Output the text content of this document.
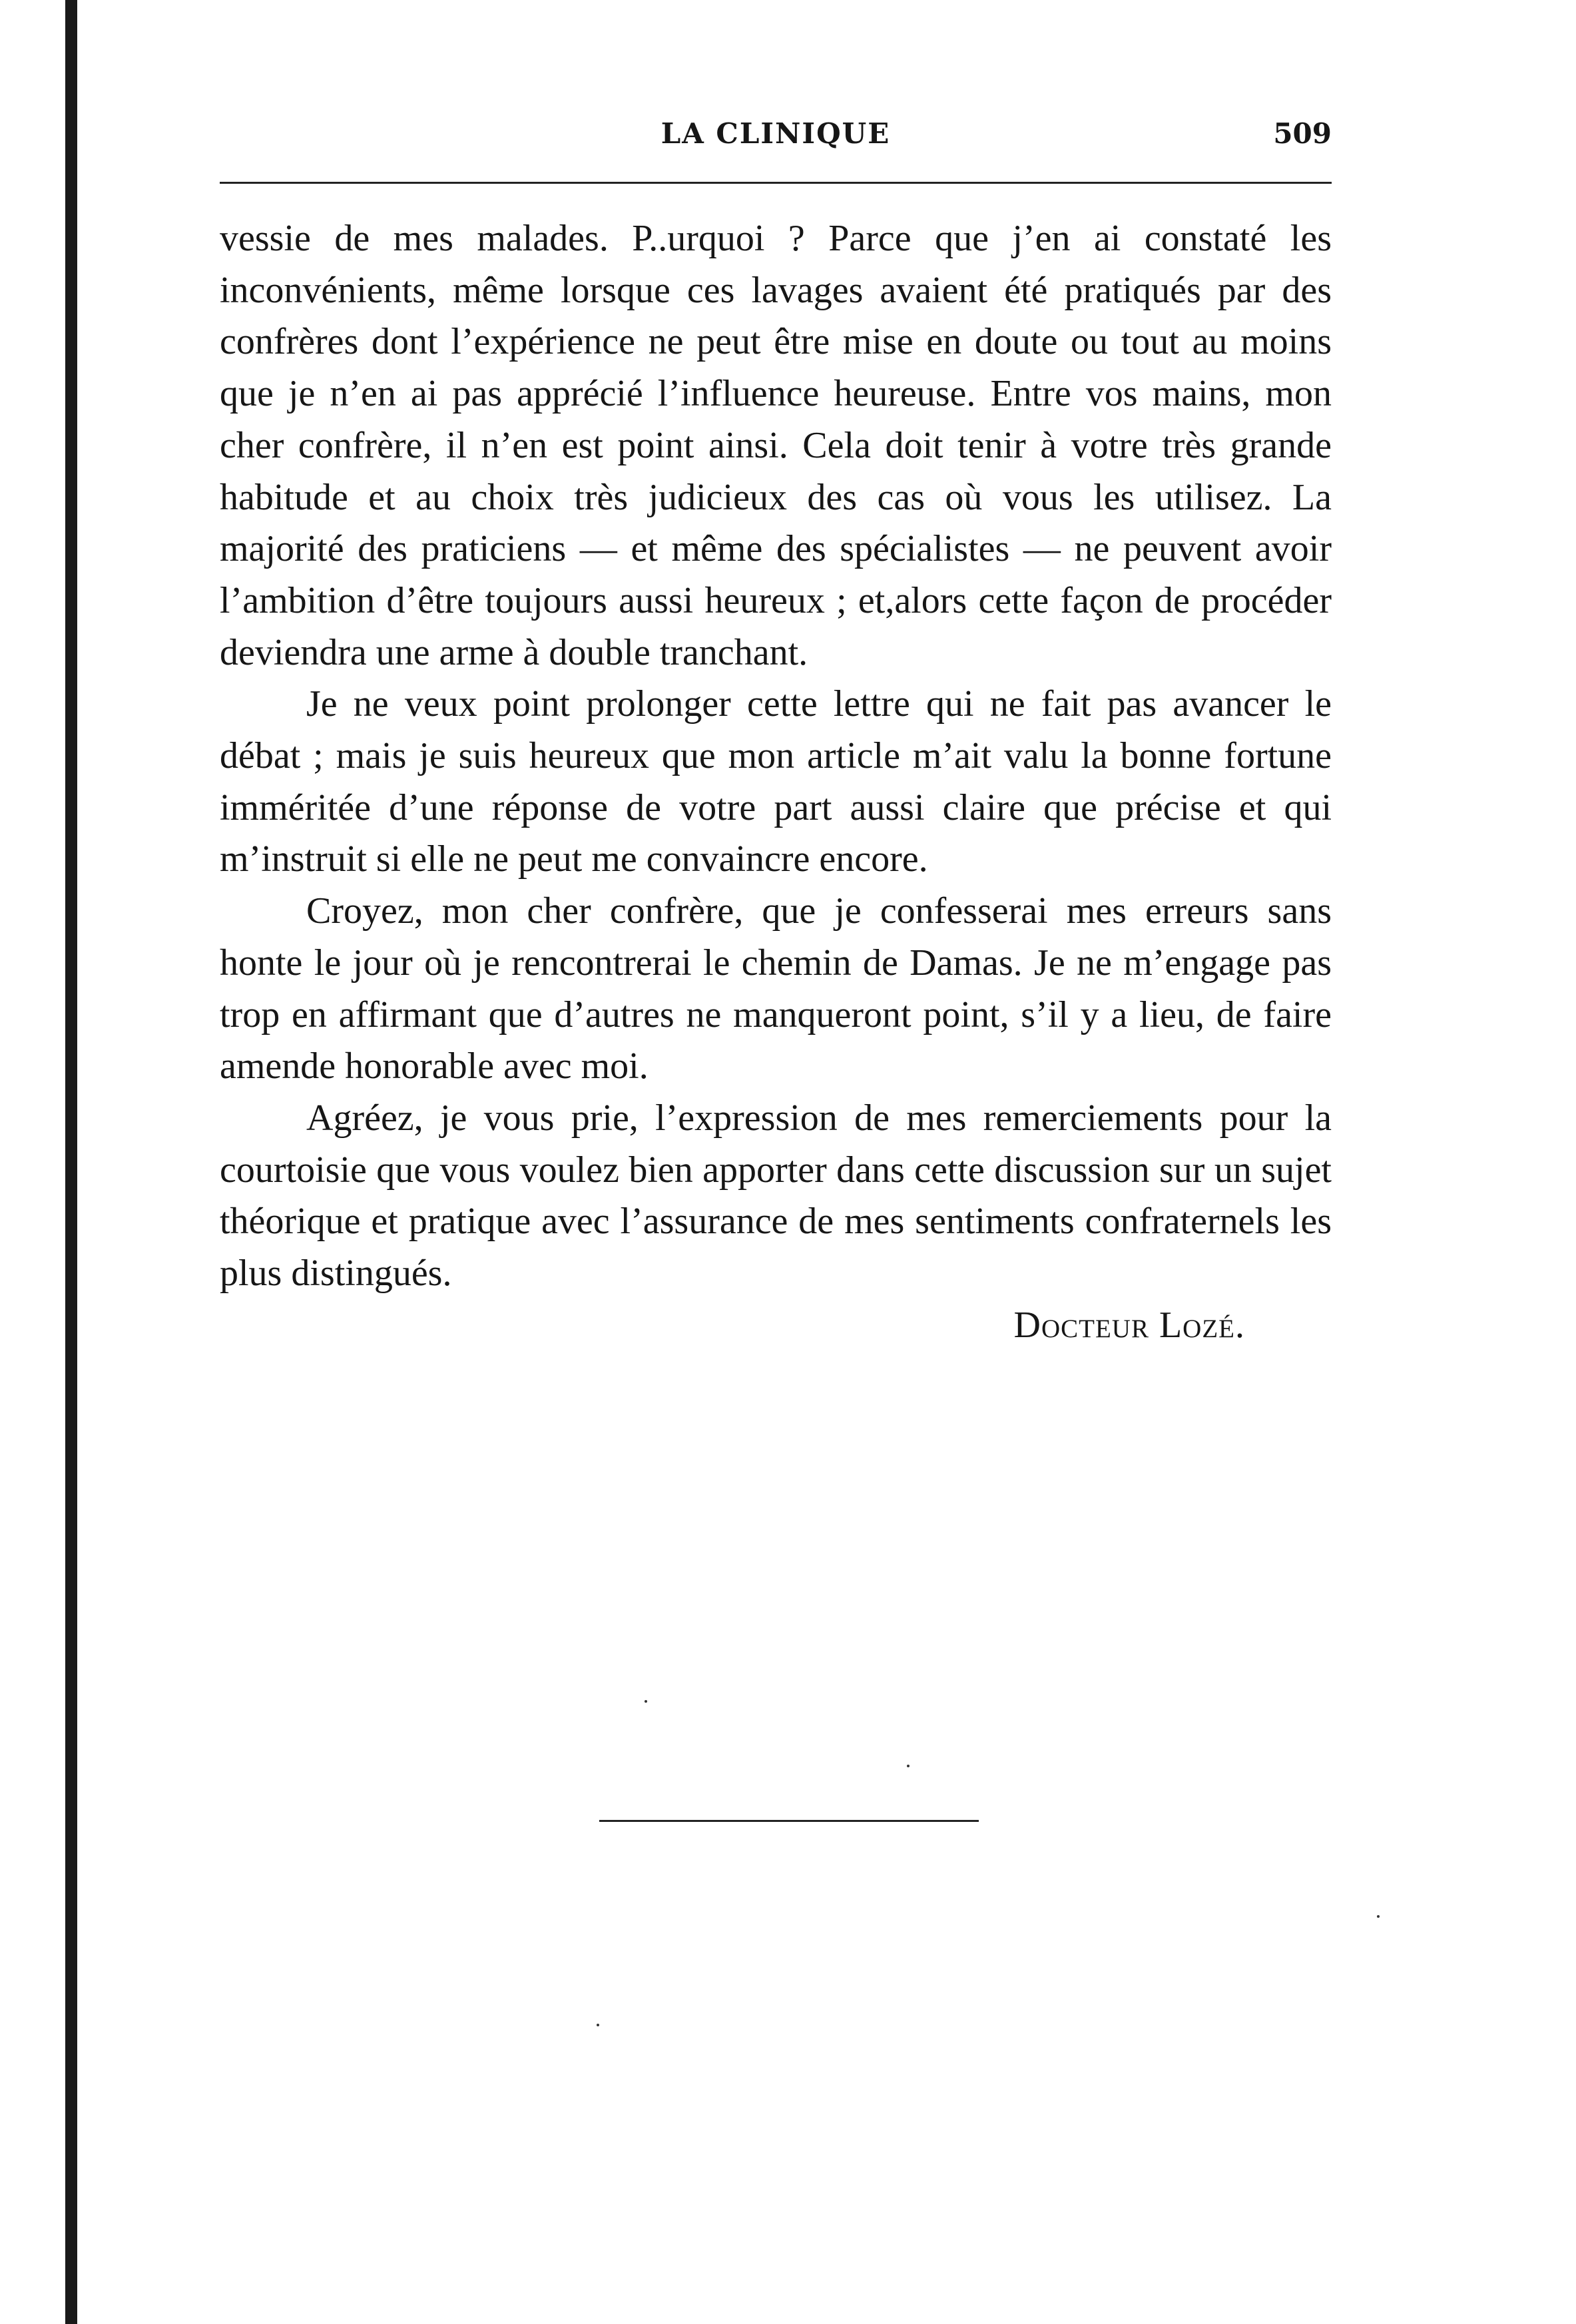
LA CLINIQUE	509

vessie de mes malades. P..urquoi ? Parce que j’en ai constaté les inconvénients, même lorsque ces lavages avaient été pratiqués par des confrères dont l’expérience ne peut être mise en doute ou tout au moins que je n’en ai pas apprécié l’influence heureuse. Entre vos mains, mon cher confrère, il n’en est point ainsi. Cela doit tenir à votre très grande habitude et au choix très judicieux des cas où vous les utilisez. La majorité des praticiens — et même des spécialistes — ne peuvent avoir l’ambition d’être toujours aussi heureux ; et,alors cette façon de procéder deviendra une arme à double tranchant.

Je ne veux point prolonger cette lettre qui ne fait pas avancer le débat ; mais je suis heureux que mon article m’ait valu la bonne fortune imméritée d’une réponse de votre part aussi claire que précise et qui m’instruit si elle ne peut me convaincre encore.

Croyez, mon cher confrère, que je confesserai mes erreurs sans honte le jour où je rencontrerai le chemin de Damas. Je ne m’engage pas trop en affirmant que d’autres ne manqueront point, s’il y a lieu, de faire amende honorable avec moi.

Agréez, je vous prie, l’expression de mes remerciements pour la courtoisie que vous voulez bien apporter dans cette discussion sur un sujet théorique et pratique avec l’assurance de mes sentiments confraternels les plus distingués.

Docteur Lozé.
